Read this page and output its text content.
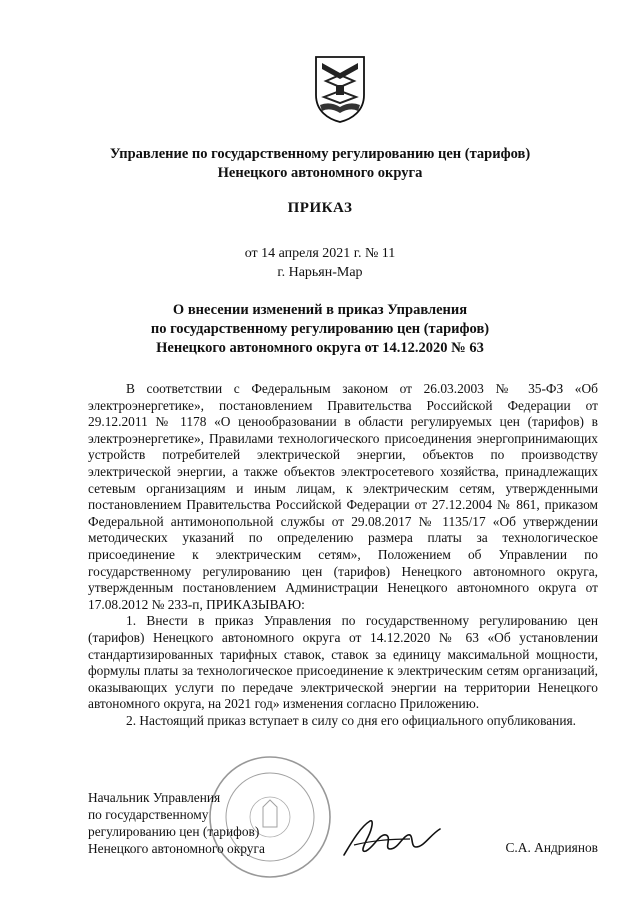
Управление по государственному регулированию цен (тарифов)
Ненецкого автономного округа
ПРИКАЗ
от 14 апреля 2021 г. № 11
г. Нарьян-Мар
О внесении изменений в приказ Управления
по государственному регулированию цен (тарифов)
Ненецкого автономного округа от 14.12.2020 № 63

В соответствии с Федеральным законом от 26.03.2003 № 35-ФЗ «Об электроэнергетике», постановлением Правительства Российской Федерации от 29.12.2011 № 1178 «О ценообразовании в области регулируемых цен (тарифов) в электроэнергетике», Правилами технологического присоединения энергопринимающих устройств потребителей электрической энергии, объектов по производству электрической энергии, а также объектов электросетевого хозяйства, принадлежащих сетевым организациям и иным лицам, к электрическим сетям, утвержденными постановлением Правительства Российской Федерации от 27.12.2004 № 861, приказом Федеральной антимонопольной службы от 29.08.2017 № 1135/17 «Об утверждении методических указаний по определению размера платы за технологическое присоединение к электрическим сетям», Положением об Управлении по государственному регулированию цен (тарифов) Ненецкого автономного округа, утвержденным постановлением Администрации Ненецкого автономного округа от 17.08.2012 № 233-п, ПРИКАЗЫВАЮ:

1. Внести в приказ Управления по государственному регулированию цен (тарифов) Ненецкого автономного округа от 14.12.2020 № 63 «Об установлении стандартизированных тарифных ставок, ставок за единицу максимальной мощности, формулы платы за технологическое присоединение к электрическим сетям организаций, оказывающих услуги по передаче электрической энергии на территории Ненецкого автономного округа, на 2021 год» изменения согласно Приложению.

2. Настоящий приказ вступает в силу со дня его официального опубликования.

Начальник Управления
по государственному
регулированию цен (тарифов)
Ненецкого автономного округа	С.А. Андриянов
